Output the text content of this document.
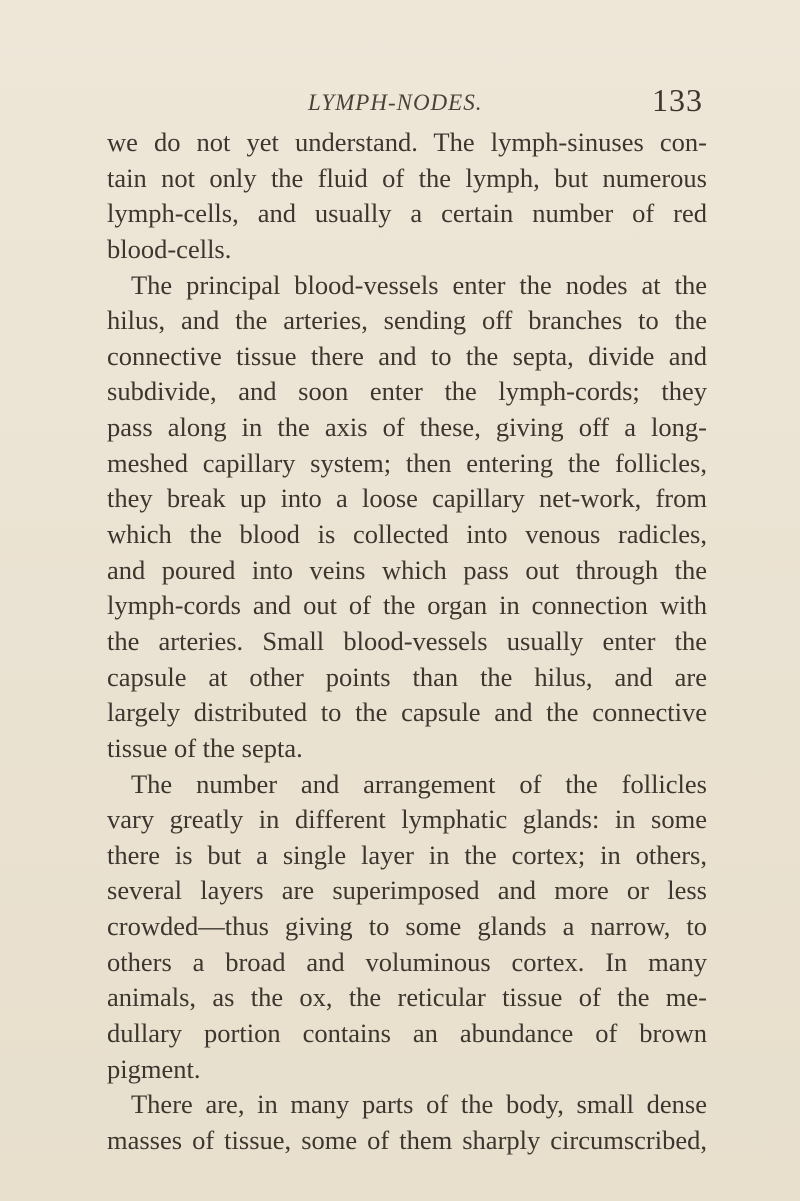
LYMPH-NODES.	133
we do not yet understand. The lymph-sinuses con-
tain not only the fluid of the lymph, but numerous
lymph-cells, and usually a certain number of red
blood-cells.
The principal blood-vessels enter the nodes at the
hilus, and the arteries, sending off branches to the
connective tissue there and to the septa, divide and
subdivide, and soon enter the lymph-cords; they
pass along in the axis of these, giving off a long-
meshed capillary system; then entering the follicles,
they break up into a loose capillary net-work, from
which the blood is collected into venous radicles,
and poured into veins which pass out through the
lymph-cords and out of the organ in connection with
the arteries. Small blood-vessels usually enter the
capsule at other points than the hilus, and are
largely distributed to the capsule and the connective
tissue of the septa.
The number and arrangement of the follicles
vary greatly in different lymphatic glands: in some
there is but a single layer in the cortex; in others,
several layers are superimposed and more or less
crowded—thus giving to some glands a narrow, to
others a broad and voluminous cortex. In many
animals, as the ox, the reticular tissue of the me-
dullary portion contains an abundance of brown
pigment.
There are, in many parts of the body, small dense
masses of tissue, some of them sharply circumscribed,
